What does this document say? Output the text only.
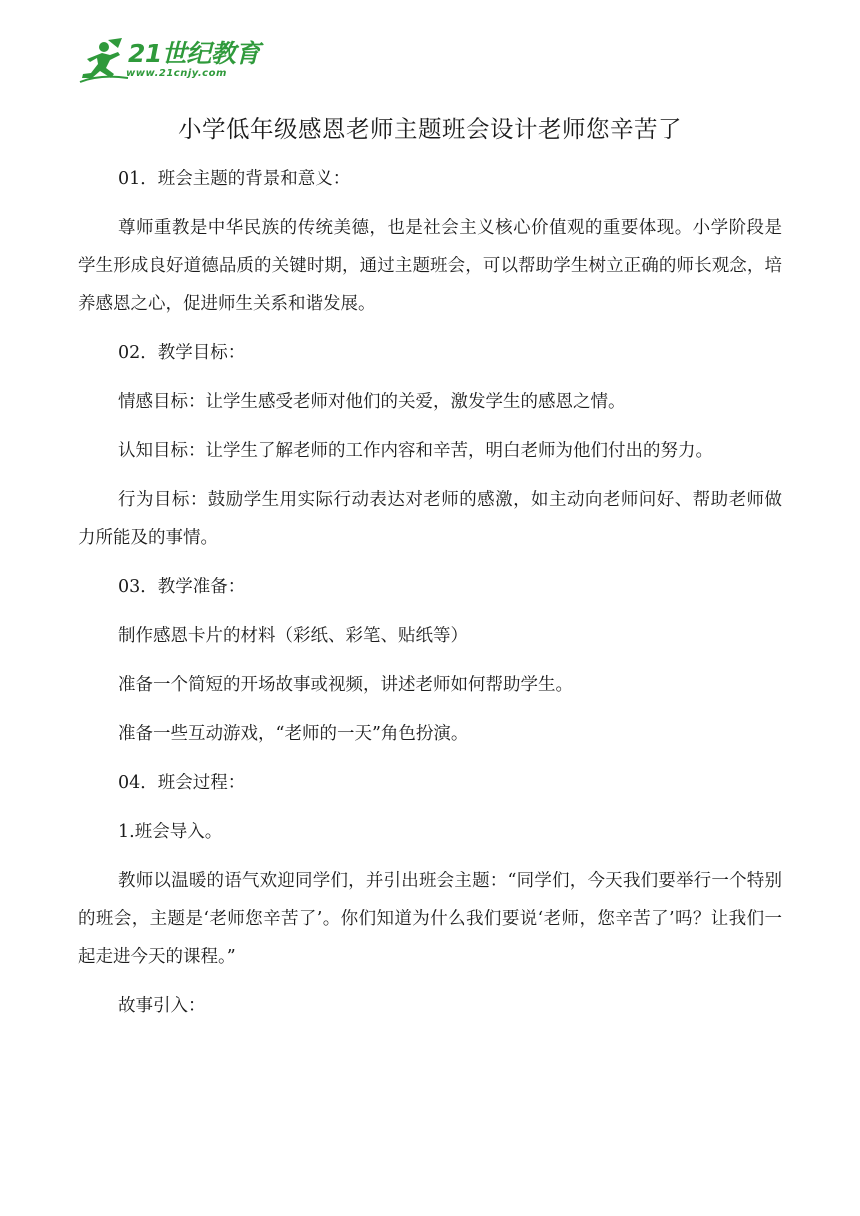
21世纪教育
www.21cnjy.com
小学低年级感恩老师主题班会设计老师您辛苦了

01．班会主题的背景和意义：

尊师重教是中华民族的传统美德，也是社会主义核心价值观的重要体现。小学阶段是学生形成良好道德品质的关键时期，通过主题班会，可以帮助学生树立正确的师长观念，培养感恩之心，促进师生关系和谐发展。

02．教学目标：

情感目标：让学生感受老师对他们的关爱，激发学生的感恩之情。

认知目标：让学生了解老师的工作内容和辛苦，明白老师为他们付出的努力。

行为目标：鼓励学生用实际行动表达对老师的感激，如主动向老师问好、帮助老师做力所能及的事情。

03．教学准备：

制作感恩卡片的材料（彩纸、彩笔、贴纸等）

准备一个简短的开场故事或视频，讲述老师如何帮助学生。

准备一些互动游戏，“老师的一天”角色扮演。

04．班会过程：

1.班会导入。

教师以温暖的语气欢迎同学们，并引出班会主题：“同学们，今天我们要举行一个特别的班会，主题是‘老师您辛苦了’。你们知道为什么我们要说‘老师，您辛苦了’吗？让我们一起走进今天的课程。”

故事引入：
